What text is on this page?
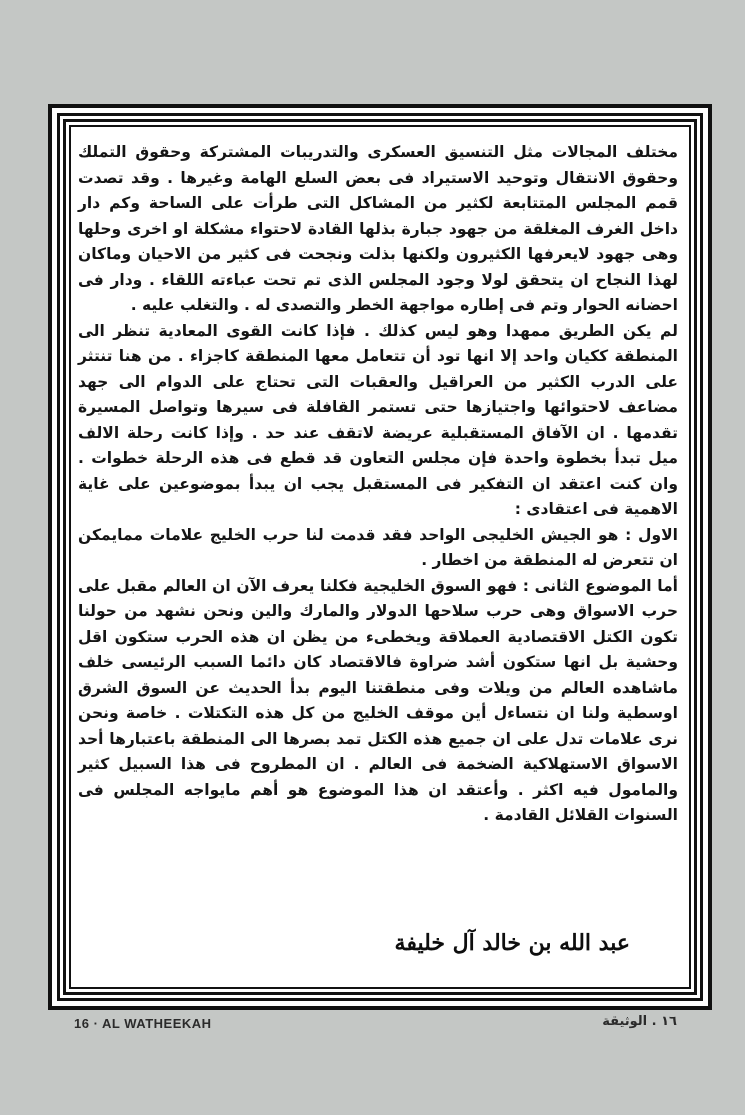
مختلف المجالات مثل التنسيق العسكرى والتدريبات المشتركة وحقوق التملك وحقوق الانتقال وتوحيد الاستيراد فى بعض السلع الهامة وغيرها . وقد تصدت قمم المجلس المتتابعة لكثير من المشاكل التى طرأت على الساحة وكم دار داخل الغرف المغلقة من جهود جبارة بذلها القادة لاحتواء مشكلة او اخرى وحلها وهى جهود لايعرفها الكثيرون ولكنها بذلت ونجحت فى كثير من الاحيان وماكان لهذا النجاح ان يتحقق لولا وجود المجلس الذى تم تحت عباءته اللقاء . ودار فى احضانه الحوار وتم فى إطاره مواجهة الخطر والتصدى له . والتغلب عليه .

لم يكن الطريق ممهدا وهو ليس كذلك . فإذا كانت القوى المعادية تنظر الى المنطقة ككيان واحد إلا انها تود أن تتعامل معها المنطقة كاجزاء . من هنا تنتثر على الدرب الكثير من العراقيل والعقبات التى تحتاج على الدوام الى جهد مضاعف لاحتوائها واجتيازها حتى تستمر القافلة فى سيرها وتواصل المسيرة تقدمها . ان الآفاق المستقبلية عريضة لاتقف عند حد . وإذا كانت رحلة الالف ميل تبدأ بخطوة واحدة فإن مجلس التعاون قد قطع فى هذه الرحلة خطوات . وان كنت اعتقد ان التفكير فى المستقبل يجب ان يبدأ بموضوعين على غاية الاهمية فى اعتقادى :

الاول : هو الجيش الخليجى الواحد فقد قدمت لنا حرب الخليج علامات ممايمكن ان تتعرض له المنطقة من اخطار .

أما الموضوع الثانى : فهو السوق الخليجية فكلنا يعرف الآن ان العالم مقبل على حرب الاسواق وهى حرب سلاحها الدولار والمارك والين ونحن نشهد من حولنا تكون الكتل الاقتصادية العملاقة ويخطىء من يظن ان هذه الحرب ستكون اقل وحشية بل انها ستكون أشد ضراوة فالاقتصاد كان دائما السبب الرئيسى خلف ماشاهده العالم من ويلات وفى منطقتنا اليوم بدأ الحديث عن السوق الشرق اوسطية ولنا ان نتساءل أين موقف الخليج من كل هذه التكتلات . خاصة ونحن نرى علامات تدل على ان جميع هذه الكتل تمد بصرها الى المنطقة باعتبارها أحد الاسواق الاستهلاكية الضخمة فى العالم . ان المطروح فى هذا السبيل كثير والمامول فيه اكثر . وأعتقد ان هذا الموضوع هو أهم مايواجه المجلس فى السنوات القلائل القادمة .

عبد الله بن خالد آل خليفة
16 · AL WATHEEKAH	١٦ . الوثيقة
